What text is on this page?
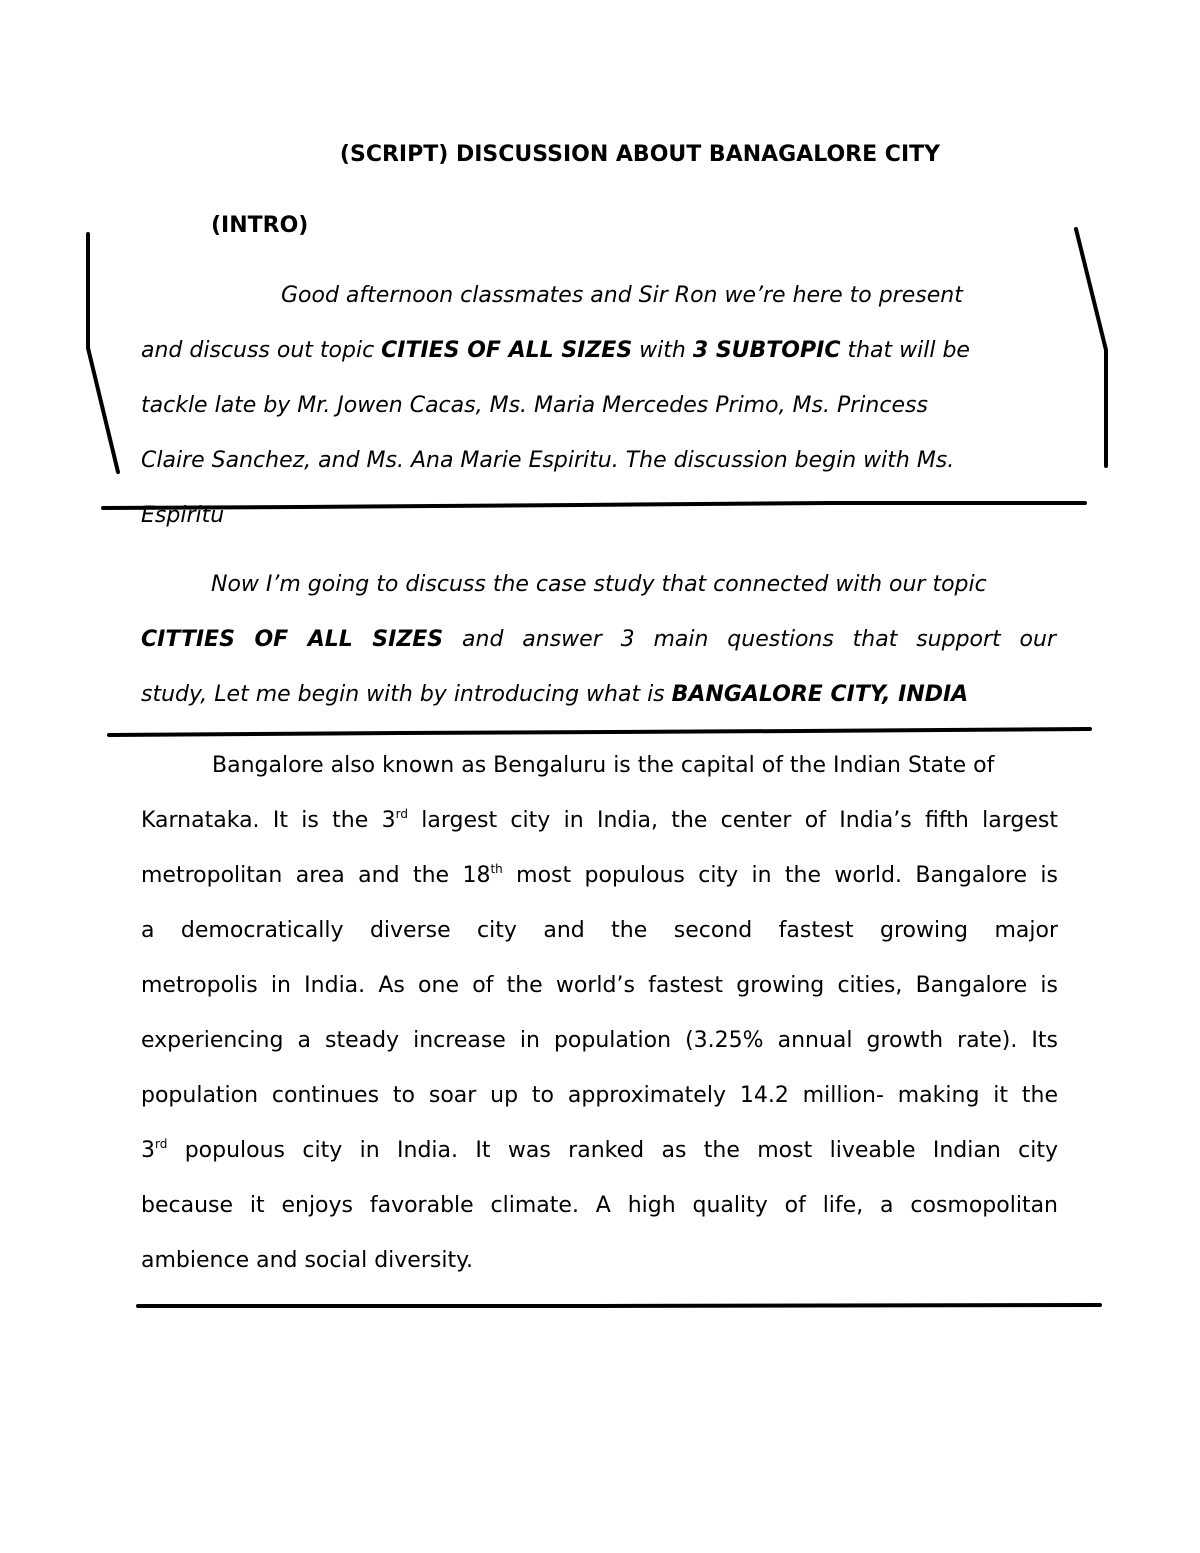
(SCRIPT) DISCUSSION ABOUT BANAGALORE CITY
(INTRO)
Good afternoon classmates and Sir Ron we’re here to present
and discuss out topic CITIES OF ALL SIZES with 3 SUBTOPIC that will be
tackle late by Mr. Jowen Cacas, Ms. Maria Mercedes Primo, Ms. Princess
Claire Sanchez, and Ms. Ana Marie Espiritu. The discussion begin with Ms.
Espiritu
Now I’m going to discuss the case study that connected with our topic
CITTIES OF ALL SIZES and answer 3 main questions that support our
study, Let me begin with by introducing what is BANGALORE CITY, INDIA
Bangalore also known as Bengaluru is the capital of the Indian State of
Karnataka. It is the 3rd largest city in India, the center of India’s fifth largest
metropolitan area and the 18th most populous city in the world. Bangalore is
a democratically diverse city and the second fastest growing major
metropolis in India. As one of the world’s fastest growing cities, Bangalore is
experiencing a steady increase in population (3.25% annual growth rate). Its
population continues to soar up to approximately 14.2 million- making it the
3rd populous city in India. It was ranked as the most liveable Indian city
because it enjoys favorable climate. A high quality of life, a cosmopolitan
ambience and social diversity.
